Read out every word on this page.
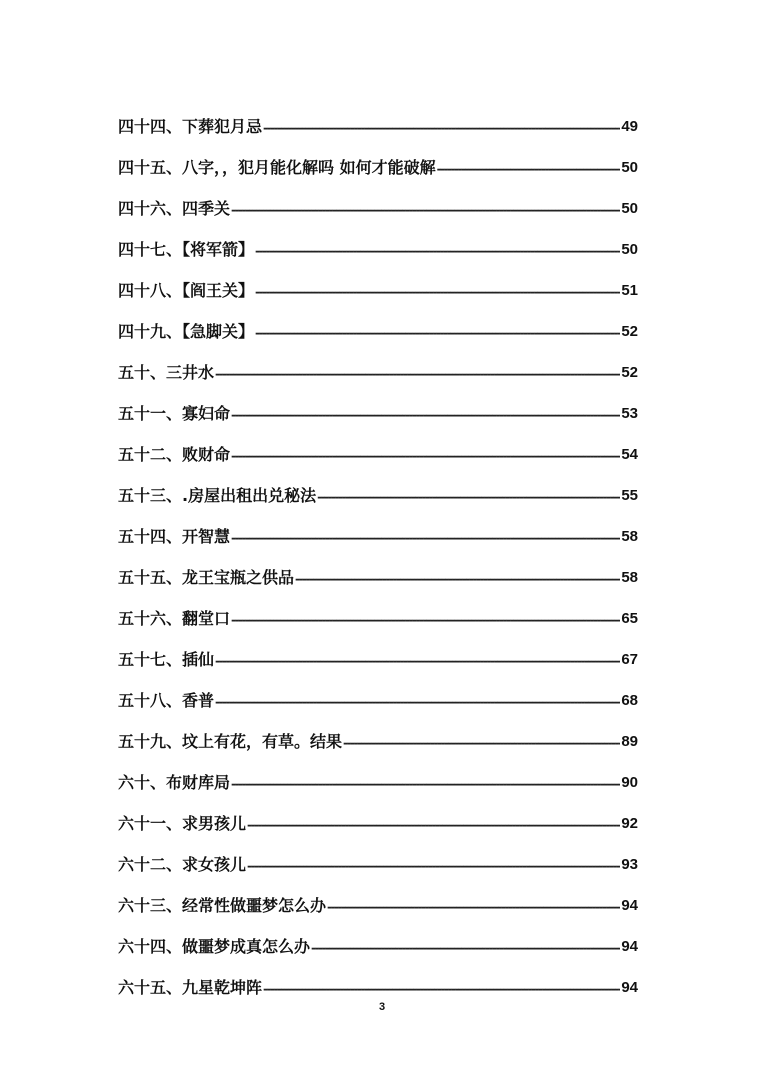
四十四、下葬犯月忌 -----	49
四十五、八字，，犯月能化解吗 如何才能破解 -----	50
四十六、四季关 -----	50
四十七、【将军箭】 -----	50
四十八、【阎王关】 -----	51
四十九、【急脚关】 -----	52
五十、三井水 -----	52
五十一、寡妇命 -----	53
五十二、败财命 -----	54
五十三、.房屋出租出兑秘法 -----	55
五十四、开智慧 -----	58
五十五、龙王宝瓶之供品 -----	58
五十六、翻堂口 -----	65
五十七、插仙 -----	67
五十八、香普 -----	68
五十九、坟上有花，有草。结果 -----	89
六十、布财库局 -----	90
六十一、求男孩儿 -----	92
六十二、求女孩儿 -----	93
六十三、经常性做噩梦怎么办 -----	94
六十四、做噩梦成真怎么办 -----	94
六十五、九星乾坤阵 -----	94
3
